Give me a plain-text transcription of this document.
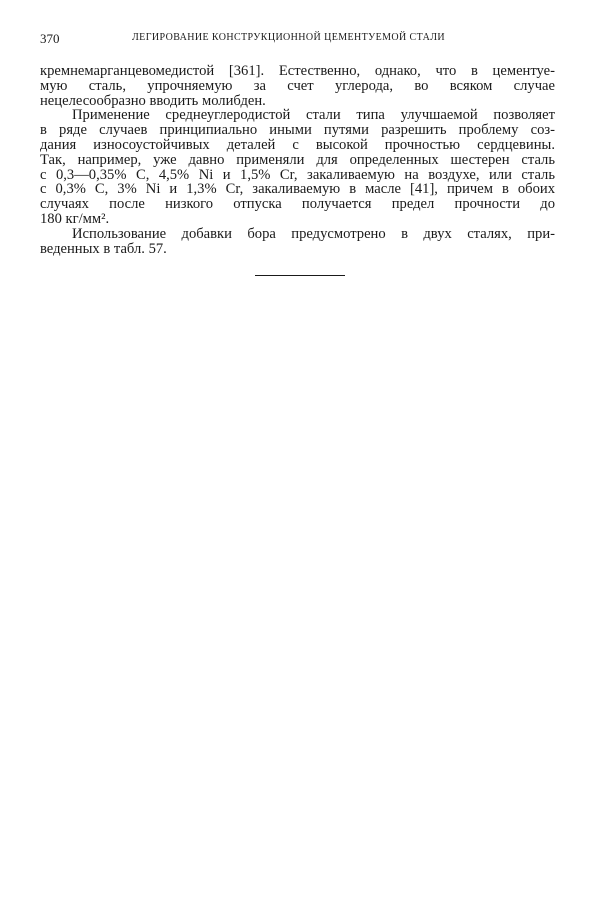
370	ЛЕГИРОВАНИЕ КОНСТРУКЦИОННОЙ ЦЕМЕНТУЕМОЙ СТАЛИ
кремнемарганцевомедистой [361]. Естественно, однако, что в цементуе-
мую сталь, упрочняемую за счет углерода, во всяком случае
нецелесообразно вводить молибден.
Применение среднеуглеродистой стали типа улучшаемой позволяет
в ряде случаев принципиально иными путями разрешить проблему соз-
дания износоустойчивых деталей с высокой прочностью сердцевины.
Так, например, уже давно применяли для определенных шестерен сталь
с 0,3—0,35% C, 4,5% Ni и 1,5% Cr, закаливаемую на воздухе, или сталь
с 0,3% C, 3% Ni и 1,3% Cr, закаливаемую в масле [41], причем в обоих
случаях после низкого отпуска получается предел прочности до
180 кг/мм².
Использование добавки бора предусмотрено в двух сталях, при-
веденных в табл. 57.
